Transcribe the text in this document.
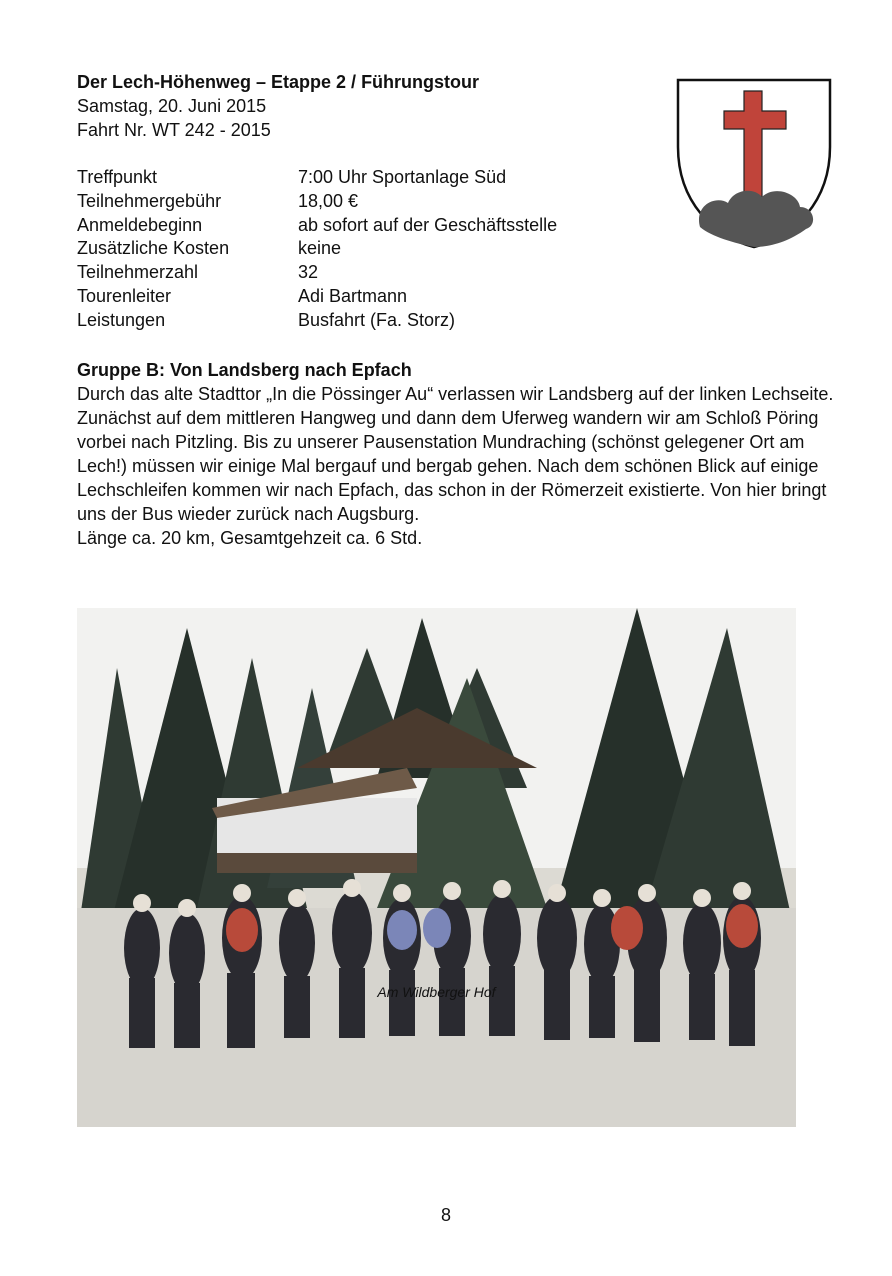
Der Lech-Höhenweg – Etappe 2 / Führungstour
Samstag, 20. Juni 2015
Fahrt Nr. WT 242 - 2015
Treffpunkt	7:00 Uhr Sportanlage Süd
Teilnehmergebühr	18,00 €
Anmeldebeginn	ab sofort auf der Geschäftsstelle
Zusätzliche Kosten	keine
Teilnehmerzahl	32
Tourenleiter	Adi Bartmann
Leistungen	Busfahrt (Fa. Storz)
Gruppe B: Von Landsberg nach Epfach

Durch das alte Stadttor „In die Pössinger Au“ verlassen wir Landsberg auf der linken Lechseite. Zunächst auf dem mittleren Hangweg und dann dem Uferweg wandern wir am Schloß Pöring vorbei nach Pitzling. Bis zu unserer Pausenstation Mundraching (schönst gelegener Ort am Lech!) müssen wir einige Mal bergauf und bergab gehen. Nach dem schönen Blick auf einige Lechschleifen kommen wir nach Epfach, das schon in der Römerzeit existierte. Von hier bringt uns der Bus wieder zurück nach Augsburg.

Länge ca. 20 km, Gesamtgehzeit ca. 6 Std.

Am Wildberger Hof
8
